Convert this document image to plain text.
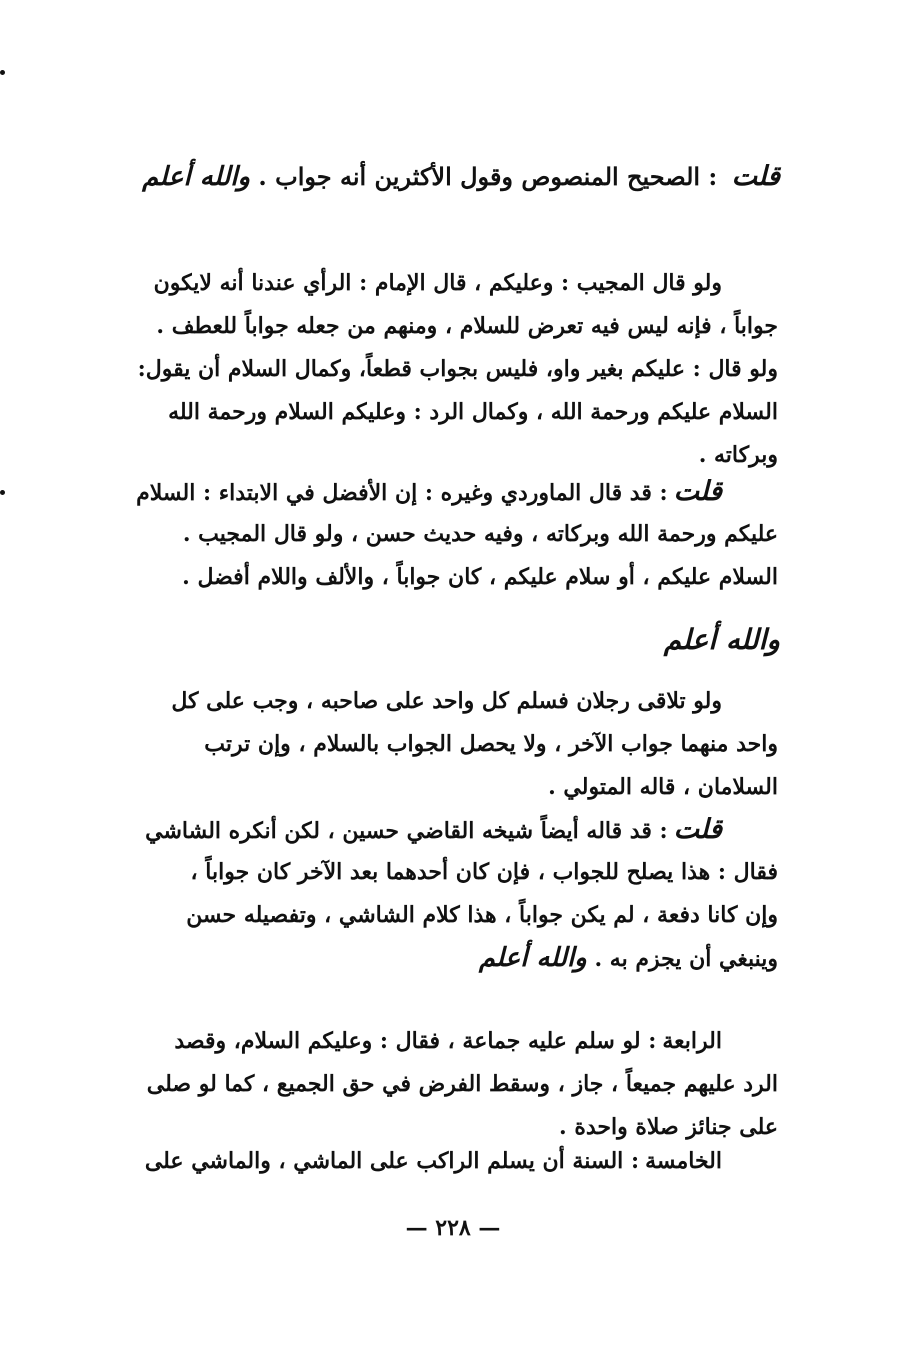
قلت : الصحيح المنصوص وقول الأكثرين أنه جواب . والله أعلم
ولو قال المجيب : وعليكم ، قال الإمام : الرأي عندنا أنه لايكون
جواباً ، فإنه ليس فيه تعرض للسلام ، ومنهم من جعله جواباً للعطف .
ولو قال : عليكم بغير واو، فليس بجواب قطعاً، وكمال السلام أن يقول:
السلام عليكم ورحمة الله ، وكمال الرد : وعليكم السلام ورحمة الله
وبركاته .
قلت: قد قال الماوردي وغيره : إن الأفضل في الابتداء : السلام
عليكم ورحمة الله وبركاته ، وفيه حديث حسن ، ولو قال المجيب .
السلام عليكم ، أو سلام عليكم ، كان جواباً ، والألف واللام أفضل .
والله أعلم
ولو تلاقى رجلان فسلم كل واحد على صاحبه ، وجب على كل
واحد منهما جواب الآخر ، ولا يحصل الجواب بالسلام ، وإن ترتب
السلامان ، قاله المتولي .
قلت: قد قاله أيضاً شيخه القاضي حسين ، لكن أنكره الشاشي
فقال : هذا يصلح للجواب ، فإن كان أحدهما بعد الآخر كان جواباً ،
وإن كانا دفعة ، لم يكن جواباً ، هذا كلام الشاشي ، وتفصيله حسن
وينبغي أن يجزم به . والله أعلم
الرابعة: لو سلم عليه جماعة ، فقال : وعليكم السلام، وقصد
الرد عليهم جميعاً ، جاز ، وسقط الفرض في حق الجميع ، كما لو صلى
على جنائز صلاة واحدة .
الخامسة: السنة أن يسلم الراكب على الماشي ، والماشي على
— ٢٢٨ —
